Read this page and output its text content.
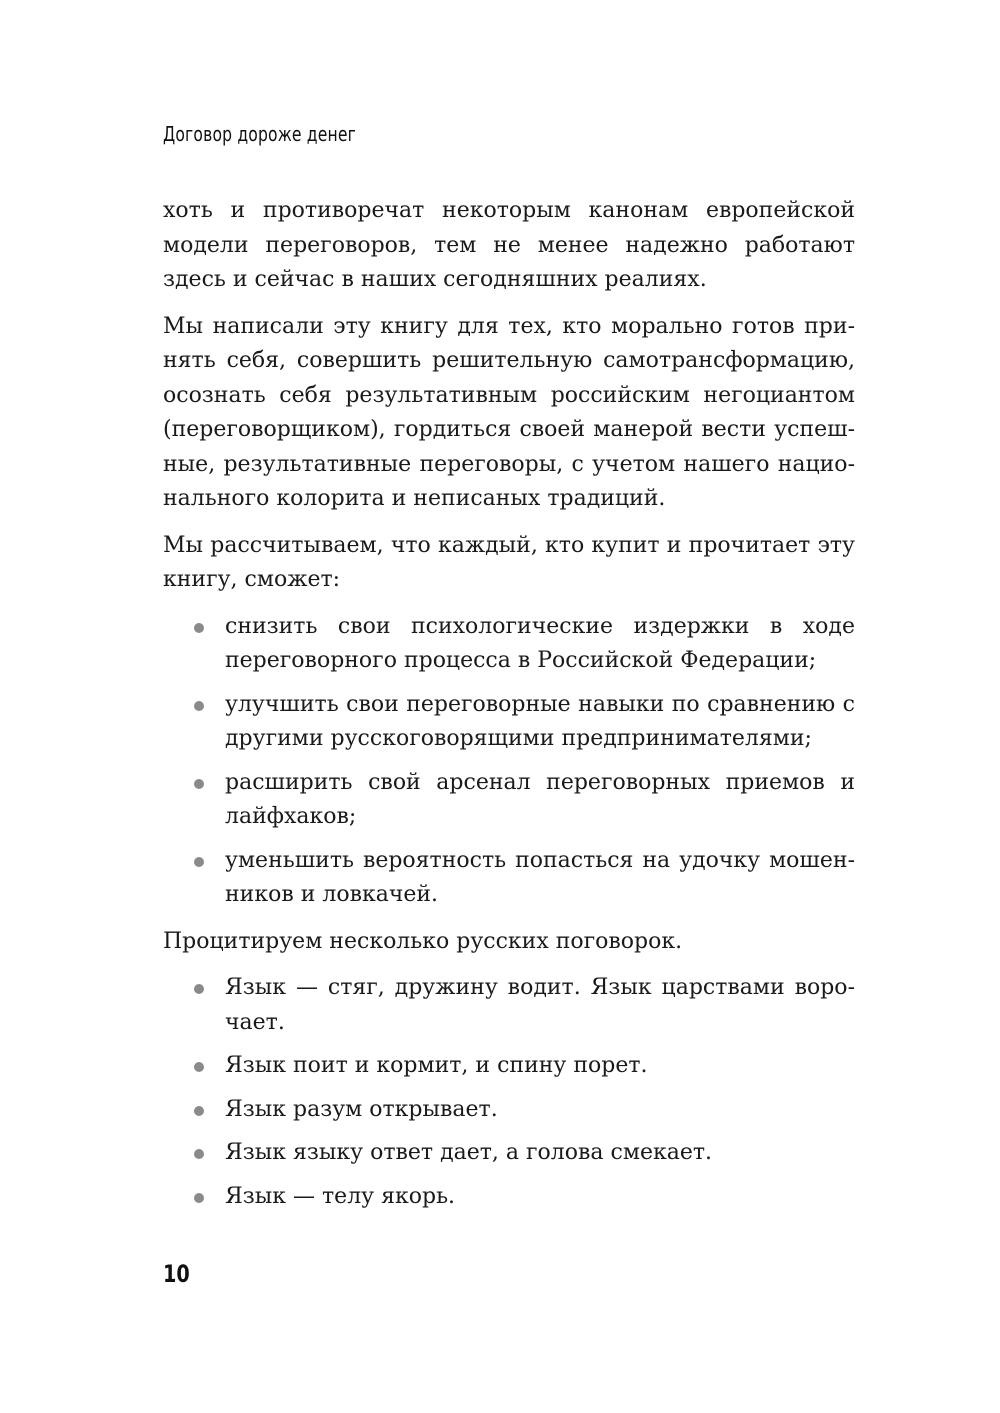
Договор дороже денег

хоть и противоречат некоторым канонам европейской модели переговоров, тем не менее надежно работают здесь и сейчас в наших сегодняшних реалиях.

Мы написали эту книгу для тех, кто морально готов принять себя, совершить решительную самотрансформацию, осознать себя результативным российским негоциантом (переговорщиком), гордиться своей манерой вести успешные, результативные переговоры, с учетом нашего национального колорита и неписаных традиций.

Мы рассчитываем, что каждый, кто купит и прочитает эту книгу, сможет:

снизить свои психологические издержки в ходе переговорного процесса в Российской Федерации;
улучшить свои переговорные навыки по сравнению с другими русскоговорящими предпринимателями;
расширить свой арсенал переговорных приемов и лайфхаков;
уменьшить вероятность попасться на удочку мошенников и ловкачей.

Процитируем несколько русских поговорок.

Язык — стяг, дружину водит. Язык царствами ворочает.
Язык поит и кормит, и спину порет.
Язык разум открывает.
Язык языку ответ дает, а голова смекает.
Язык — телу якорь.
10
